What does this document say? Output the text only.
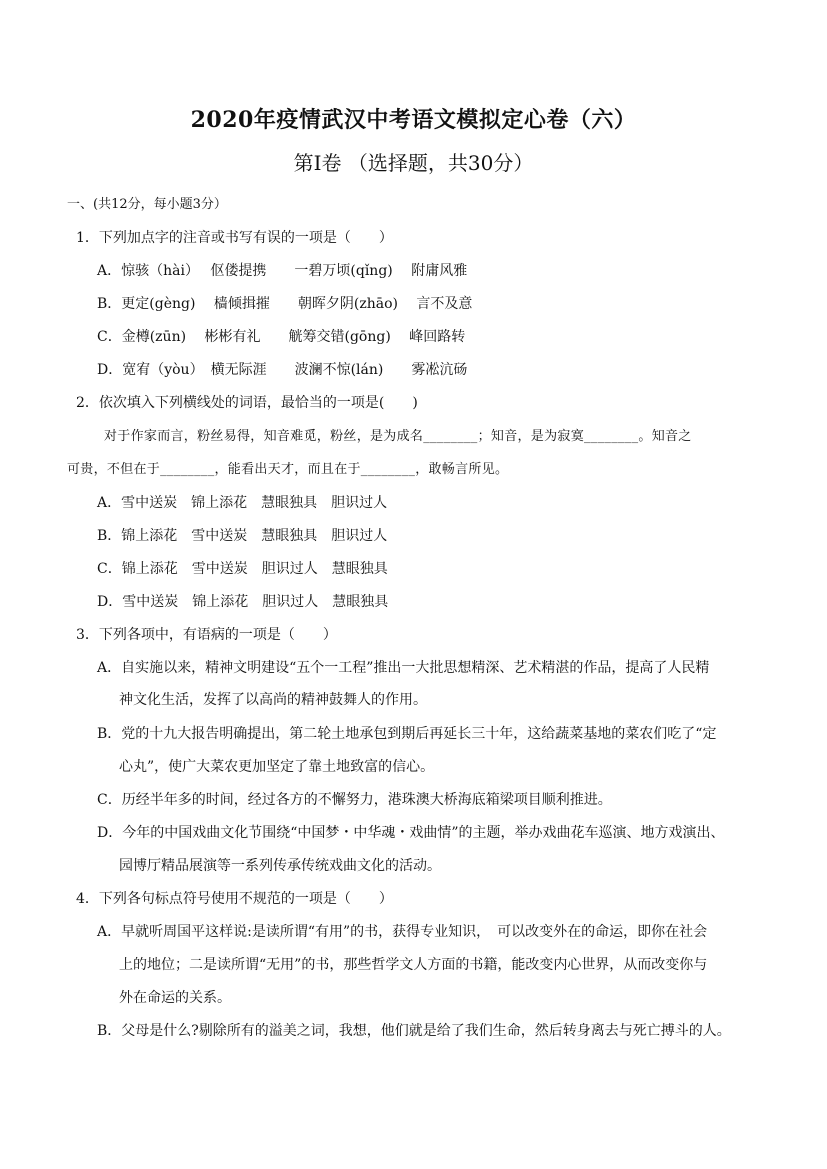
2020年疫情武汉中考语文模拟定心卷（六）
第Ⅰ卷 （选择题，共30分）
一、(共12分，每小题3分）
1．下列加点字的注音或书写有误的一项是（　　）
A．惊骇（hài）　 伛偻提携　　一碧万顷(qǐng)　 附庸风雅
B．更定(gèng)　 樯倾揖摧　　朝晖夕阴(zhāo)　 言不及意
C．金樽(zūn)　 彬彬有礼　　觥筹交错(gōng)　 峰回路转
D．宽宥（yòu）　横无际涯　　波澜不惊(lán)　　雾凇沆砀
2．依次填入下列横线处的词语，最恰当的一项是(　　)
对于作家而言，粉丝易得，知音难觅，粉丝，是为成名________；知音，是为寂寞________。知音之
可贵，不但在于________，能看出天才，而且在于________，敢畅言所见。
A．雪中送炭　锦上添花　慧眼独具　胆识过人
B．锦上添花　雪中送炭　慧眼独具　胆识过人
C．锦上添花　雪中送炭　胆识过人　慧眼独具
D．雪中送炭　锦上添花　胆识过人　慧眼独具
3．下列各项中，有语病的一项是（　　）
A．自实施以来，精神文明建设“五个一工程”推出一大批思想精深、艺术精湛的作品，提高了人民精
神文化生活，发挥了以高尚的精神鼓舞人的作用。
B．党的十九大报告明确提出，第二轮土地承包到期后再延长三十年，这给蔬菜基地的菜农们吃了“定
心丸”，使广大菜农更加坚定了靠土地致富的信心。
C．历经半年多的时间，经过各方的不懈努力，港珠澳大桥海底箱梁项目顺利推进。
D．今年的中国戏曲文化节围绕“中国梦・中华魂・戏曲情”的主题，举办戏曲花车巡演、地方戏演出、
园博厅精品展演等一系列传承传统戏曲文化的活动。
4．下列各句标点符号使用不规范的一项是（　　）
A．早就听周国平这样说:是读所谓“有用”的书，获得专业知识，　可以改变外在的命运，即你在社会
上的地位；二是读所谓“无用”的书，那些哲学文人方面的书籍，能改变内心世界，从而改变你与
外在命运的关系。
B．父母是什么?剔除所有的溢美之词，我想，他们就是给了我们生命，然后转身离去与死亡搏斗的人。
